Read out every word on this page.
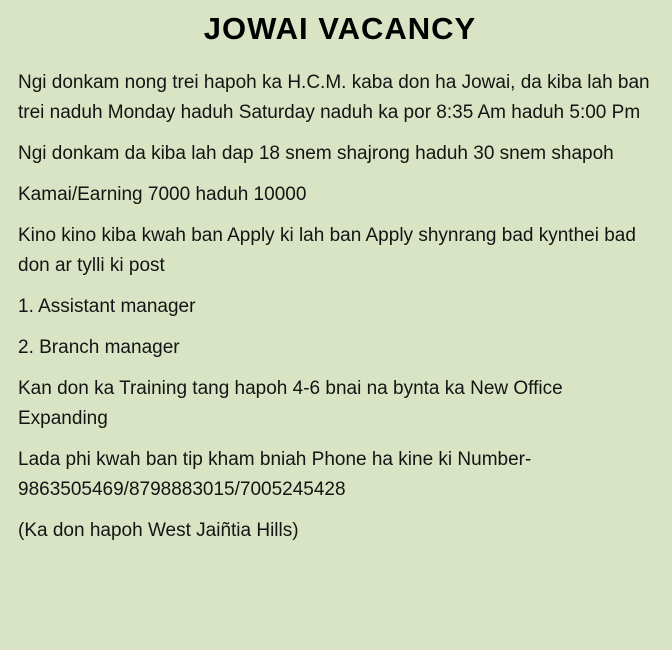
JOWAI VACANCY

Ngi donkam nong trei hapoh ka H.C.M. kaba don ha Jowai, da kiba lah ban trei naduh Monday haduh Saturday naduh ka por 8:35 Am haduh 5:00 Pm

Ngi donkam da kiba lah dap 18 snem shajrong haduh 30 snem shapoh

Kamai/Earning 7000 haduh 10000

Kino kino kiba kwah ban Apply ki lah ban Apply shynrang bad kynthei bad don ar tylli ki post

1. Assistant manager

2. Branch manager

Kan don ka Training tang hapoh 4-6 bnai na bynta ka New Office Expanding

Lada phi kwah ban tip kham bniah Phone ha kine ki Number-9863505469/8798883015/7005245428

(Ka don hapoh West Jaiñtia Hills)
